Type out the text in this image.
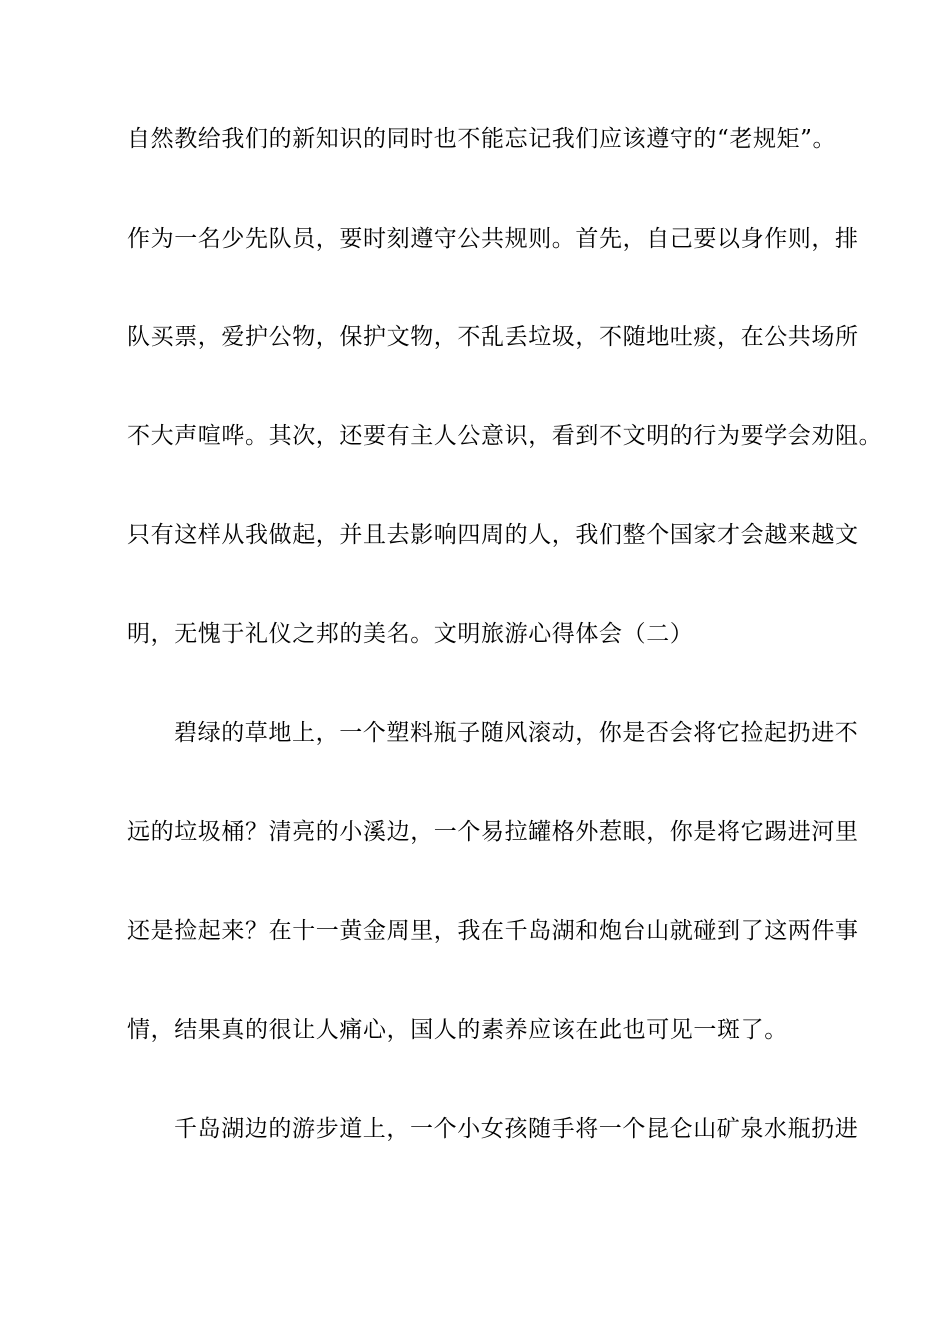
自然教给我们的新知识的同时也不能忘记我们应该遵守的“老规矩”。
作为一名少先队员，要时刻遵守公共规则。首先，自己要以身作则，排
队买票，爱护公物，保护文物，不乱丢垃圾，不随地吐痰，在公共场所
不大声喧哗。其次，还要有主人公意识，看到不文明的行为要学会劝阻。
只有这样从我做起，并且去影响四周的人，我们整个国家才会越来越文
明，无愧于礼仪之邦的美名。文明旅游心得体会（二）
碧绿的草地上，一个塑料瓶子随风滚动，你是否会将它捡起扔进不
远的垃圾桶？清亮的小溪边，一个易拉罐格外惹眼，你是将它踢进河里
还是捡起来？在十一黄金周里，我在千岛湖和炮台山就碰到了这两件事
情，结果真的很让人痛心，国人的素养应该在此也可见一斑了。
千岛湖边的游步道上，一个小女孩随手将一个昆仑山矿泉水瓶扔进
